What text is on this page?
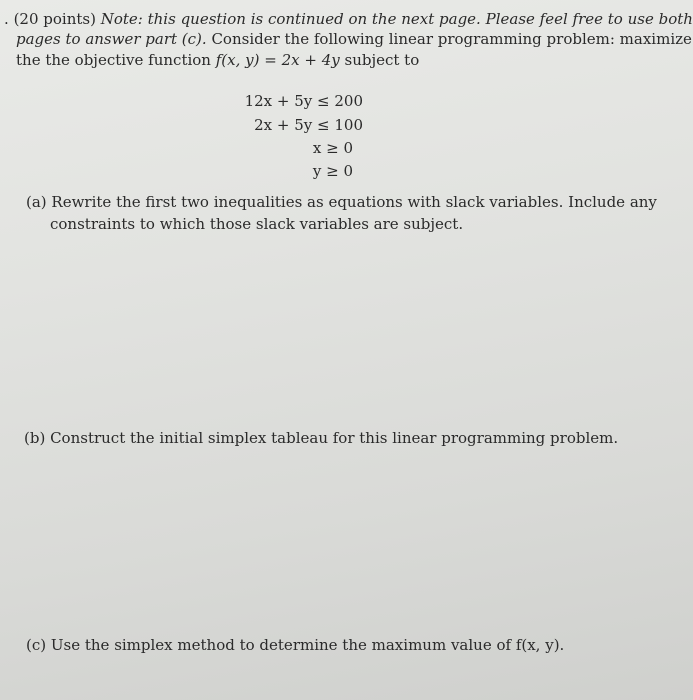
. (20 points) Note: this question is continued on the next page. Please feel free to use both
pages to answer part (c). Consider the following linear programming problem: maximize
the the objective function f(x, y) = 2x + 4y subject to
12x + 5y ≤ 200
2x + 5y ≤ 100
x ≥ 0
y ≥ 0
(a) Rewrite the first two inequalities as equations with slack variables. Include any
constraints to which those slack variables are subject.
(b) Construct the initial simplex tableau for this linear programming problem.
(c) Use the simplex method to determine the maximum value of f(x, y).
